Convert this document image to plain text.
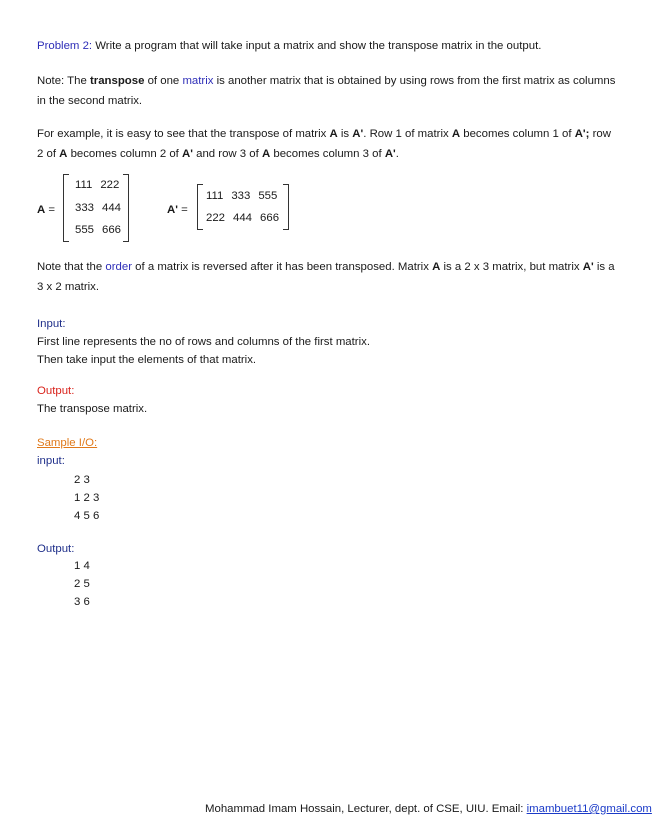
Problem 2: Write a program that will take input a matrix and show the transpose matrix in the output.

Note: The transpose of one matrix is another matrix that is obtained by using rows from the first matrix as columns in the second matrix.

For example, it is easy to see that the transpose of matrix A is A'. Row 1 of matrix A becomes column 1 of A'; row 2 of A becomes column 2 of A' and row 3 of A becomes column 3 of A'.

A =
111 222
333 444
555 666
A' =
111 333 555
222 444 666

Note that the order of a matrix is reversed after it has been transposed. Matrix A is a 2 x 3 matrix, but matrix A' is a 3 x 2 matrix.

Input:

First line represents the no of rows and columns of the first matrix.

Then take input the elements of that matrix.

Output:

The transpose matrix.

Sample I/O:

input:

2 3
1 2 3
4 5 6

Output:

1 4
2 5
3 6
Mohammad Imam Hossain, Lecturer, dept. of CSE, UIU. Email: imambuet11@gmail.com
